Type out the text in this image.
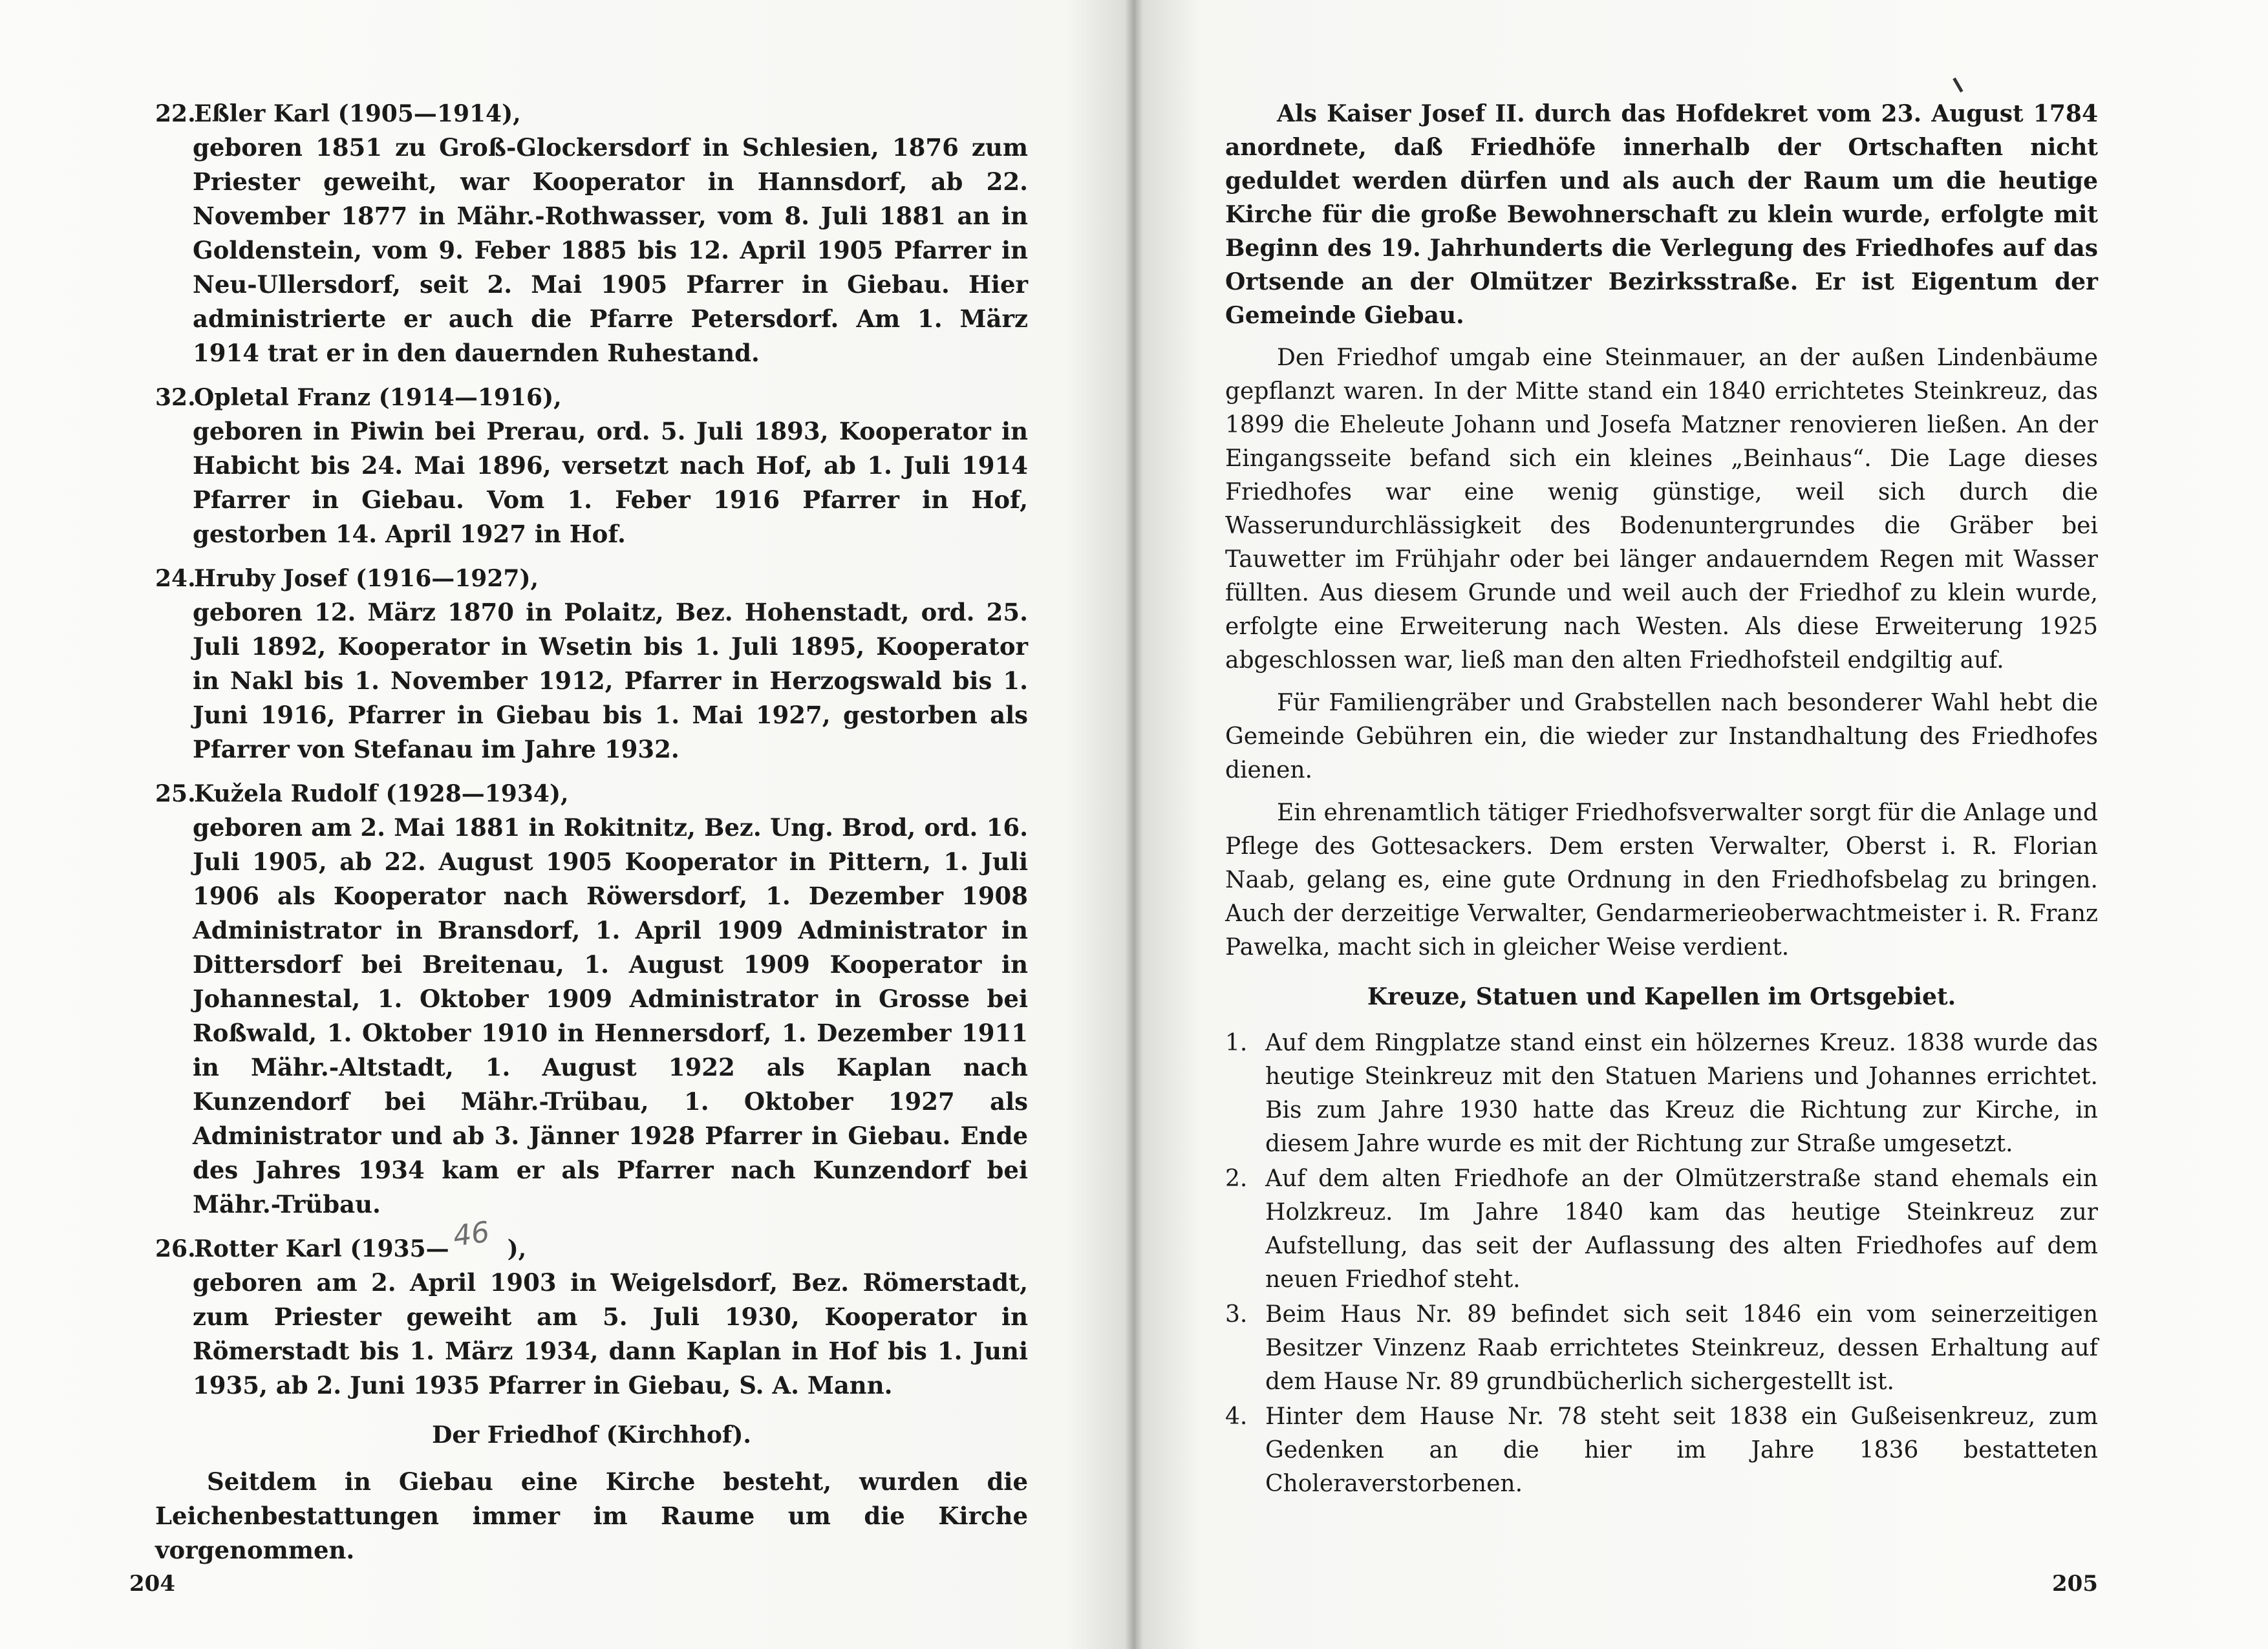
22.Eßler Karl (1905—1914),

geboren 1851 zu Groß-Glockersdorf in Schlesien, 1876 zum Priester geweiht, war Kooperator in Hannsdorf, ab 22. November 1877 in Mähr.-Rothwasser, vom 8. Juli 1881 an in Goldenstein, vom 9. Feber 1885 bis 12. April 1905 Pfarrer in Neu-Ullersdorf, seit 2. Mai 1905 Pfarrer in Giebau. Hier administrierte er auch die Pfarre Petersdorf. Am 1. März 1914 trat er in den dauernden Ruhestand.

32.Opletal Franz (1914—1916),

geboren in Piwin bei Prerau, ord. 5. Juli 1893, Kooperator in Habicht bis 24. Mai 1896, versetzt nach Hof, ab 1. Juli 1914 Pfarrer in Giebau. Vom 1. Feber 1916 Pfarrer in Hof, gestorben 14. April 1927 in Hof.

24.Hruby Josef (1916—1927),

geboren 12. März 1870 in Polaitz, Bez. Hohenstadt, ord. 25. Juli 1892, Kooperator in Wsetin bis 1. Juli 1895, Kooperator in Nakl bis 1. November 1912, Pfarrer in Herzogswald bis 1. Juni 1916, Pfarrer in Giebau bis 1. Mai 1927, gestorben als Pfarrer von Stefanau im Jahre 1932.

25.Kužela Rudolf (1928—1934),

geboren am 2. Mai 1881 in Rokitnitz, Bez. Ung. Brod, ord. 16. Juli 1905, ab 22. August 1905 Kooperator in Pittern, 1. Juli 1906 als Kooperator nach Röwersdorf, 1. Dezember 1908 Administrator in Bransdorf, 1. April 1909 Administrator in Dittersdorf bei Breitenau, 1. August 1909 Kooperator in Johannestal, 1. Oktober 1909 Administrator in Grosse bei Roßwald, 1. Oktober 1910 in Hennersdorf, 1. Dezember 1911 in Mähr.-Altstadt, 1. August 1922 als Kaplan nach Kunzendorf bei Mähr.-Trübau, 1. Oktober 1927 als Administrator und ab 3. Jänner 1928 Pfarrer in Giebau. Ende des Jahres 1934 kam er als Pfarrer nach Kunzendorf bei Mähr.-Trübau.

26.Rotter Karl (1935— 46 ),

geboren am 2. April 1903 in Weigelsdorf, Bez. Römerstadt, zum Priester geweiht am 5. Juli 1930, Kooperator in Römerstadt bis 1. März 1934, dann Kaplan in Hof bis 1. Juni 1935, ab 2. Juni 1935 Pfarrer in Giebau, S. A. Mann.

Der Friedhof (Kirchhof).

Seitdem in Giebau eine Kirche besteht, wurden die Leichenbestattungen immer im Raume um die Kirche vorgenommen.

204

Als Kaiser Josef II. durch das Hofdekret vom 23. August 1784 anordnete, daß Friedhöfe innerhalb der Ortschaften nicht geduldet werden dürfen und als auch der Raum um die heutige Kirche für die große Bewohnerschaft zu klein wurde, erfolgte mit Beginn des 19. Jahrhunderts die Verlegung des Friedhofes auf das Ortsende an der Olmützer Bezirksstraße. Er ist Eigentum der Gemeinde Giebau.

Den Friedhof umgab eine Steinmauer, an der außen Lindenbäume gepflanzt waren. In der Mitte stand ein 1840 errichtetes Steinkreuz, das 1899 die Eheleute Johann und Josefa Matzner renovieren ließen. An der Eingangsseite befand sich ein kleines „Beinhaus“. Die Lage dieses Friedhofes war eine wenig günstige, weil sich durch die Wasserundurchlässigkeit des Bodenuntergrundes die Gräber bei Tauwetter im Frühjahr oder bei länger andauerndem Regen mit Wasser füllten. Aus diesem Grunde und weil auch der Friedhof zu klein wurde, erfolgte eine Erweiterung nach Westen. Als diese Erweiterung 1925 abgeschlossen war, ließ man den alten Friedhofsteil endgiltig auf.

Für Familiengräber und Grabstellen nach besonderer Wahl hebt die Gemeinde Gebühren ein, die wieder zur Instandhaltung des Friedhofes dienen.

Ein ehrenamtlich tätiger Friedhofsverwalter sorgt für die Anlage und Pflege des Gottesackers. Dem ersten Verwalter, Oberst i. R. Florian Naab, gelang es, eine gute Ordnung in den Friedhofsbelag zu bringen. Auch der derzeitige Verwalter, Gendarmerieoberwachtmeister i. R. Franz Pawelka, macht sich in gleicher Weise verdient.

Kreuze, Statuen und Kapellen im Ortsgebiet.
1. Auf dem Ringplatze stand einst ein hölzernes Kreuz. 1838 wurde das heutige Steinkreuz mit den Statuen Mariens und Johannes errichtet. Bis zum Jahre 1930 hatte das Kreuz die Richtung zur Kirche, in diesem Jahre wurde es mit der Richtung zur Straße umgesetzt.
2. Auf dem alten Friedhofe an der Olmützerstraße stand ehemals ein Holzkreuz. Im Jahre 1840 kam das heutige Steinkreuz zur Aufstellung, das seit der Auflassung des alten Friedhofes auf dem neuen Friedhof steht.
3. Beim Haus Nr. 89 befindet sich seit 1846 ein vom seinerzeitigen Besitzer Vinzenz Raab errichtetes Steinkreuz, dessen Erhaltung auf dem Hause Nr. 89 grundbücherlich sichergestellt ist.
4. Hinter dem Hause Nr. 78 steht seit 1838 ein Gußeisenkreuz, zum Gedenken an die hier im Jahre 1836 bestatteten Choleraverstorbenen.
205
